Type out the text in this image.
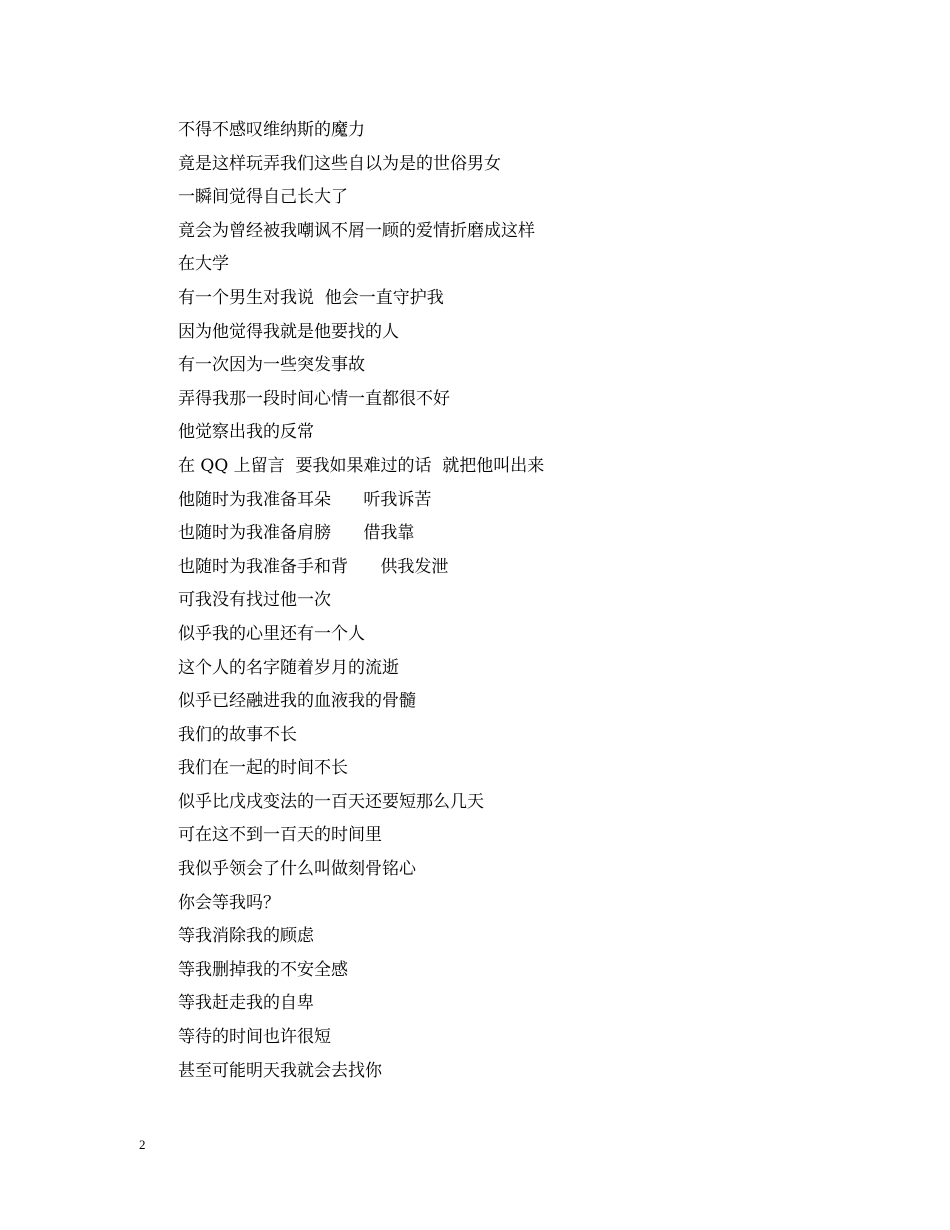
不得不感叹维纳斯的魔力
竟是这样玩弄我们这些自以为是的世俗男女
一瞬间觉得自己长大了
竟会为曾经被我嘲讽不屑一顾的爱情折磨成这样
在大学
有一个男生对我说  他会一直守护我
因为他觉得我就是他要找的人
有一次因为一些突发事故
弄得我那一段时间心情一直都很不好
他觉察出我的反常
在 QQ 上留言  要我如果难过的话  就把他叫出来
他随时为我准备耳朵      听我诉苦
也随时为我准备肩膀      借我靠
也随时为我准备手和背      供我发泄
可我没有找过他一次
似乎我的心里还有一个人
这个人的名字随着岁月的流逝
似乎已经融进我的血液我的骨髓
我们的故事不长
我们在一起的时间不长
似乎比戊戌变法的一百天还要短那么几天
可在这不到一百天的时间里
我似乎领会了什么叫做刻骨铭心
你会等我吗？
等我消除我的顾虑
等我删掉我的不安全感
等我赶走我的自卑
等待的时间也许很短
甚至可能明天我就会去找你
2
